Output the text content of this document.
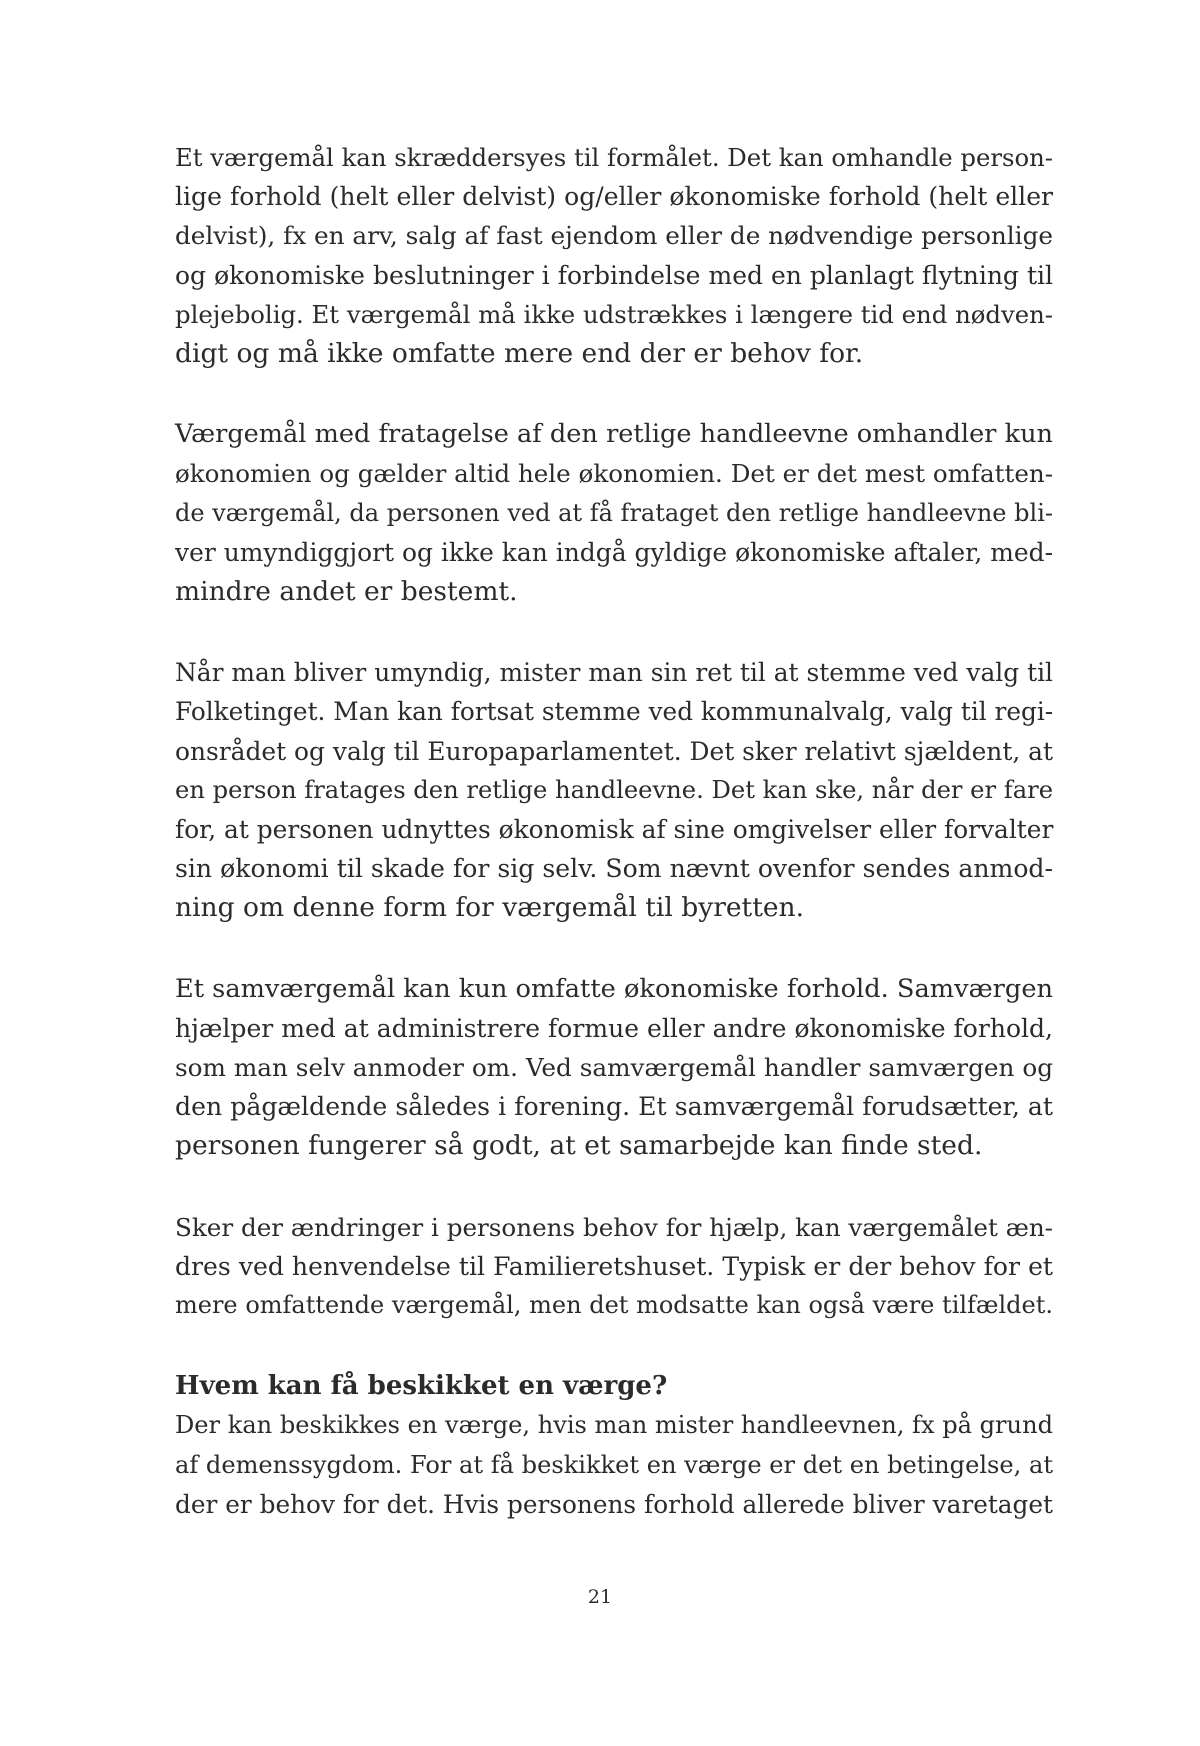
Et værgemål kan skræddersyes til formålet. Det kan omhandle person-
lige forhold (helt eller delvist) og/eller økonomiske forhold (helt eller
delvist), fx en arv, salg af fast ejendom eller de nødvendige personlige
og økonomiske beslutninger i forbindelse med en planlagt flytning til
plejebolig. Et værgemål må ikke udstrækkes i længere tid end nødven-
digt og må ikke omfatte mere end der er behov for.

Værgemål med fratagelse af den retlige handleevne omhandler kun
økonomien og gælder altid hele økonomien. Det er det mest omfatten-
de værgemål, da personen ved at få frataget den retlige handleevne bli-
ver umyndiggjort og ikke kan indgå gyldige økonomiske aftaler, med-
mindre andet er bestemt.

Når man bliver umyndig, mister man sin ret til at stemme ved valg til
Folketinget. Man kan fortsat stemme ved kommunalvalg, valg til regi-
onsrådet og valg til Europaparlamentet. Det sker relativt sjældent, at
en person fratages den retlige handleevne. Det kan ske, når der er fare
for, at personen udnyttes økonomisk af sine omgivelser eller forvalter
sin økonomi til skade for sig selv. Som nævnt ovenfor sendes anmod-
ning om denne form for værgemål til byretten.

Et samværgemål kan kun omfatte økonomiske forhold. Samværgen
hjælper med at administrere formue eller andre økonomiske forhold,
som man selv anmoder om. Ved samværgemål handler samværgen og
den pågældende således i forening. Et samværgemål forudsætter, at
personen fungerer så godt, at et samarbejde kan finde sted.

Sker der ændringer i personens behov for hjælp, kan værgemålet æn-
dres ved henvendelse til Familieretshuset. Typisk er der behov for et
mere omfattende værgemål, men det modsatte kan også være tilfældet.

Hvem kan få beskikket en værge?

Der kan beskikkes en værge, hvis man mister handleevnen, fx på grund
af demenssygdom. For at få beskikket en værge er det en betingelse, at
der er behov for det. Hvis personens forhold allerede bliver varetaget

21
